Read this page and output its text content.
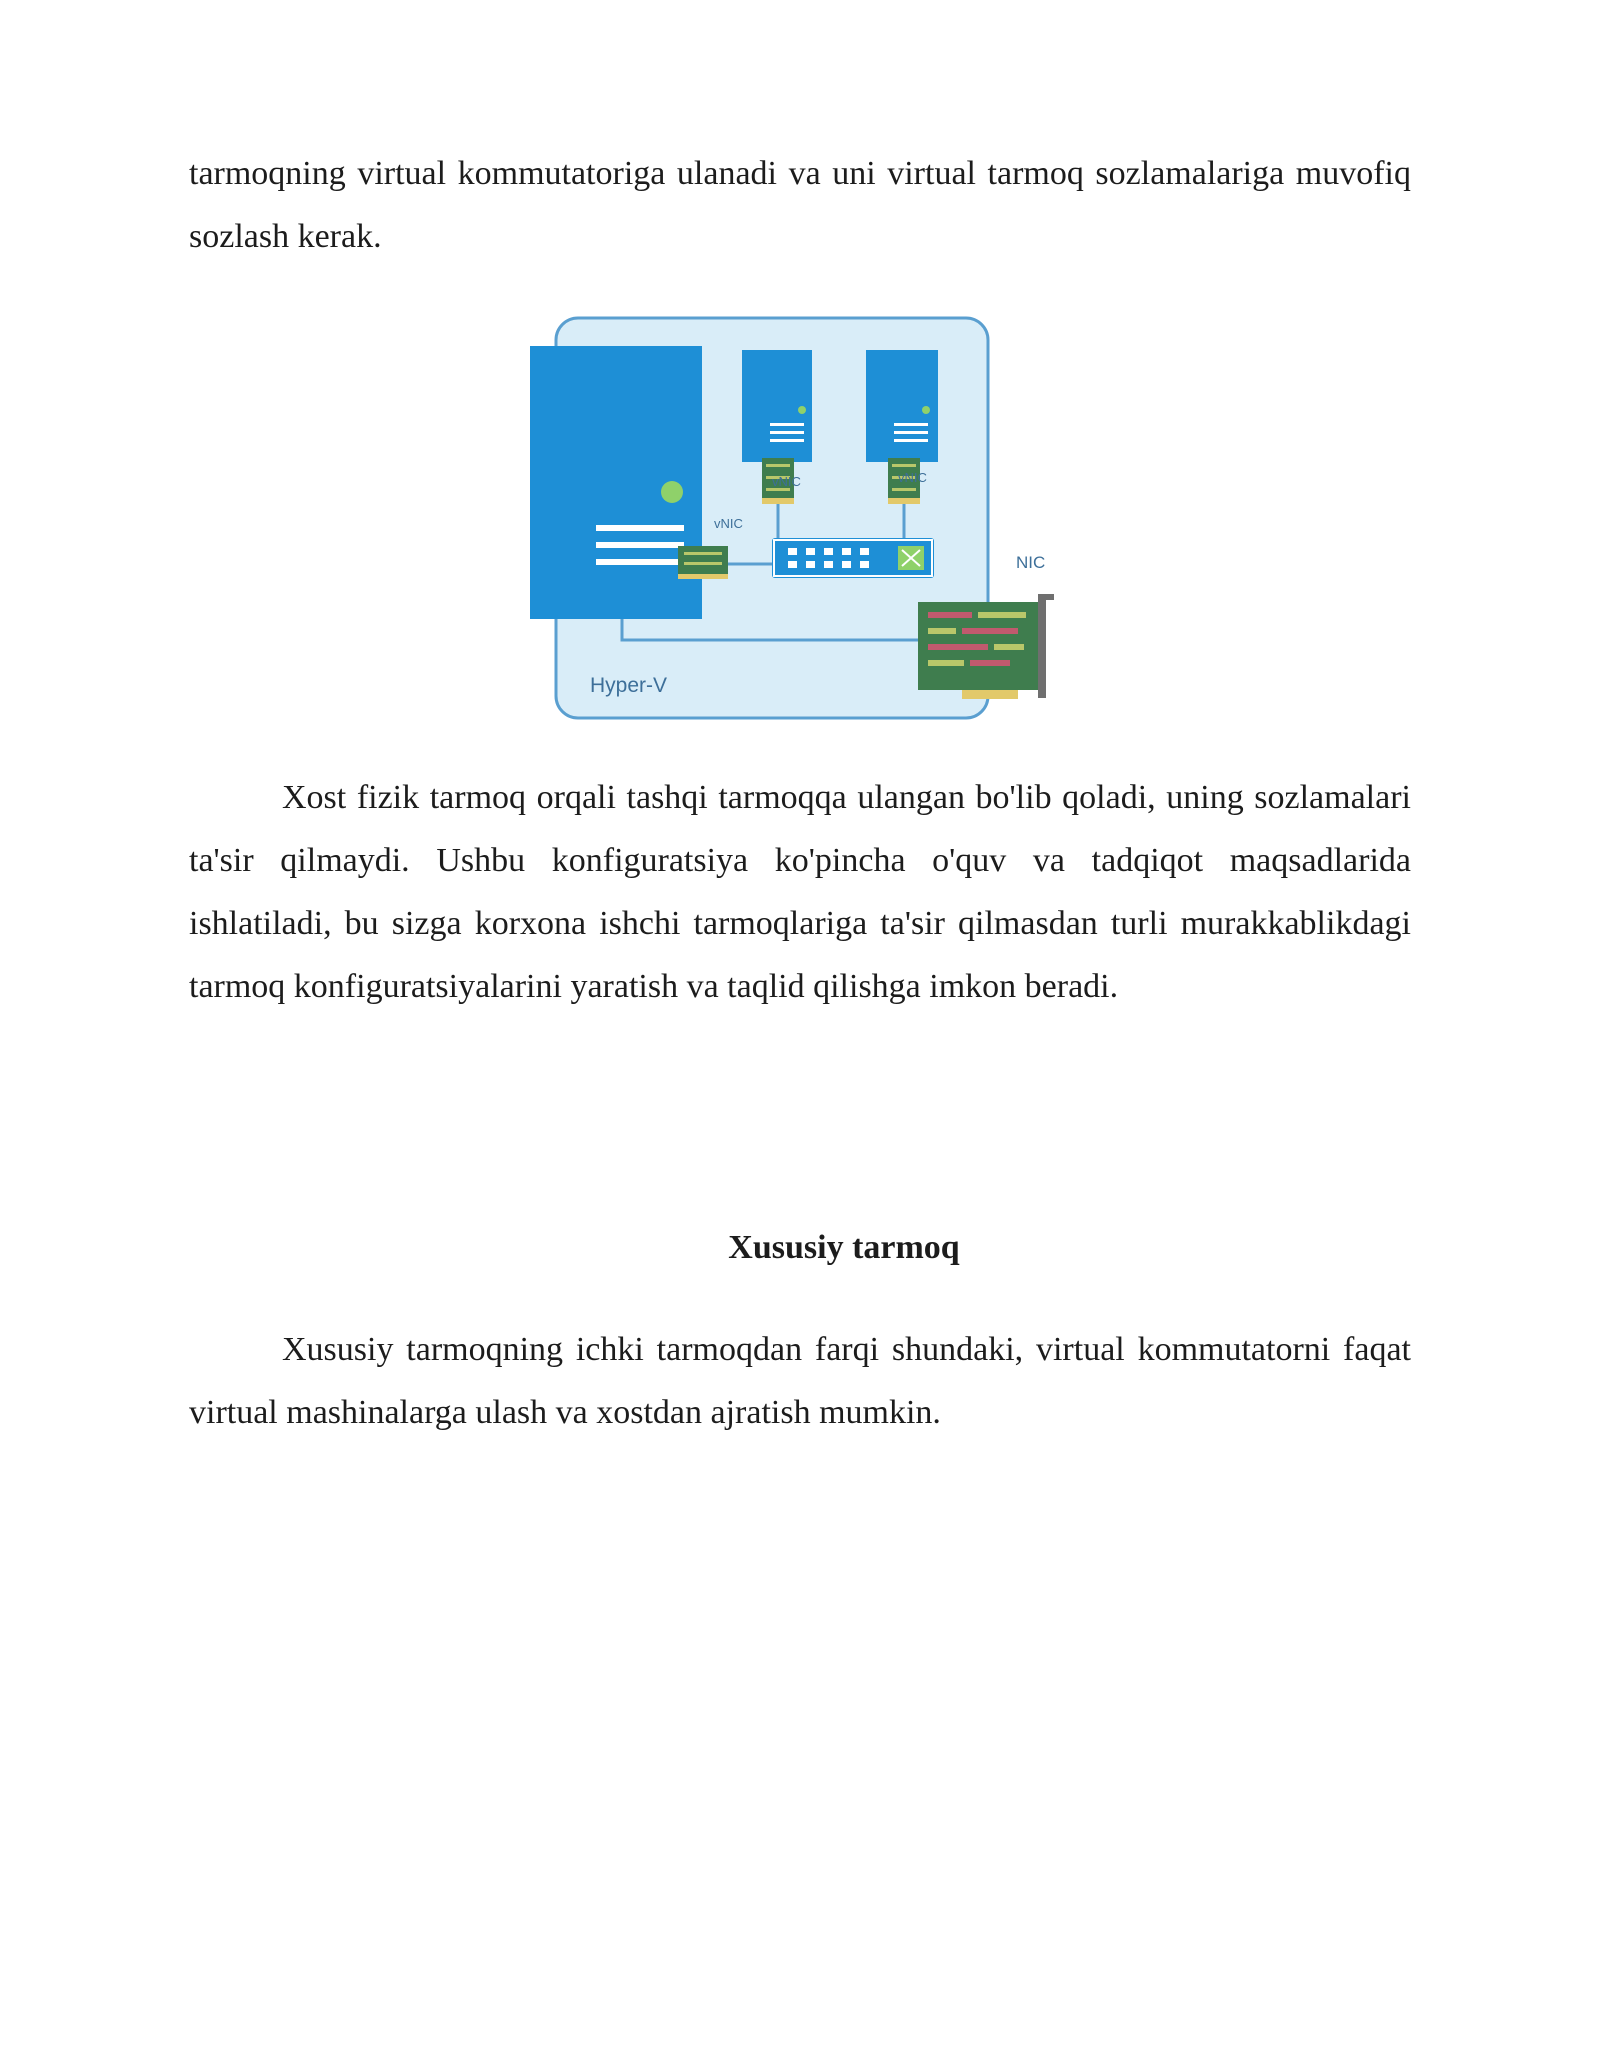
tarmoqning virtual kommutatoriga ulanadi va uni virtual tarmoq sozlamalariga muvofiq sozlash kerak.

vNIC	vNIC
vNIC
NIC
Hyper-V

Xost fizik tarmoq orqali tashqi tarmoqqa ulangan bo'lib qoladi, uning sozlamalari ta'sir qilmaydi. Ushbu konfiguratsiya ko'pincha o'quv va tadqiqot maqsadlarida ishlatiladi, bu sizga korxona ishchi tarmoqlariga ta'sir qilmasdan turli murakkablikdagi tarmoq konfiguratsiyalarini yaratish va taqlid qilishga imkon beradi.

Xususiy tarmoq

Xususiy tarmoqning ichki tarmoqdan farqi shundaki, virtual kommutatorni faqat virtual mashinalarga ulash va xostdan ajratish mumkin.
